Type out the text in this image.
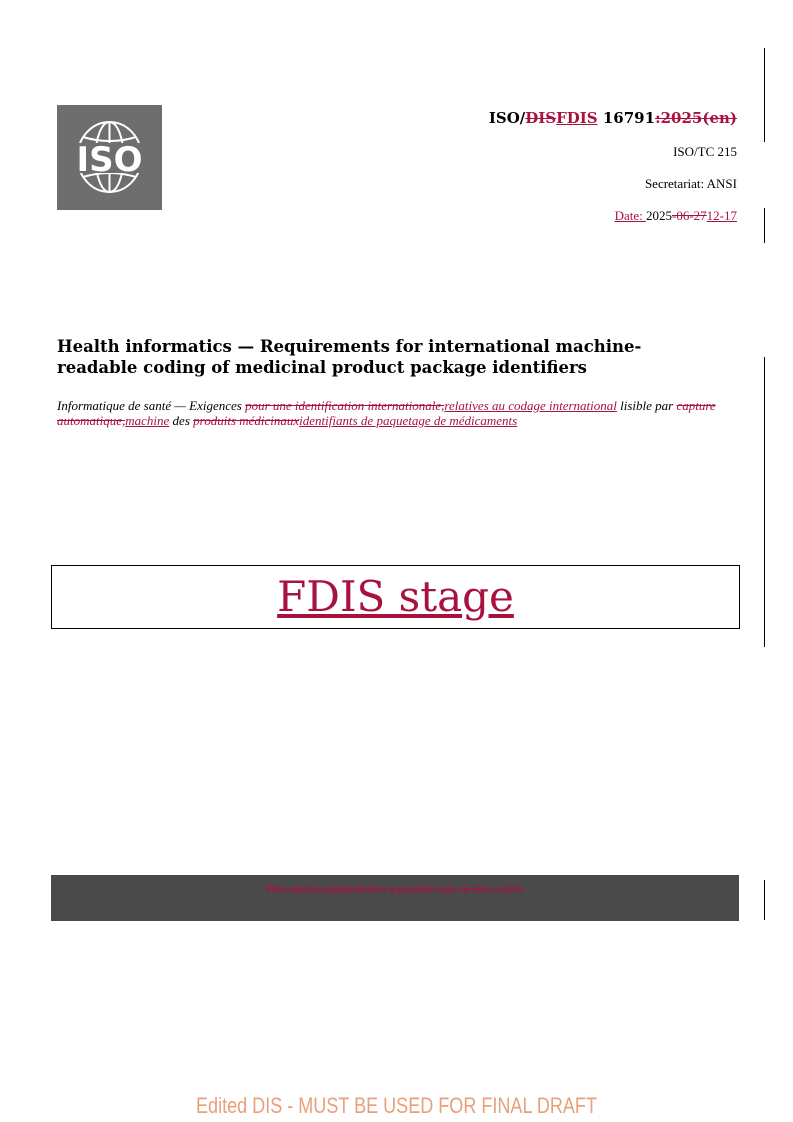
ISO
ISO/DISFDIS 16791:2025(en)
ISO/TC 215
Secretariat: ANSI
Date: 2025-06-2712-17
Health informatics — Requirements for international machine-readable coding of medicinal product package identifiers
Informatique de santé — Exigences pour une identification internationale,relatives au codage international lisible par capture automatique,machine des produits médicinauxidentifiants de paquetage de médicaments
FDIS stage
This draft is submitted to a parallel vote in ISO, CEN.
Edited DIS - MUST BE USED FOR FINAL DRAFT
